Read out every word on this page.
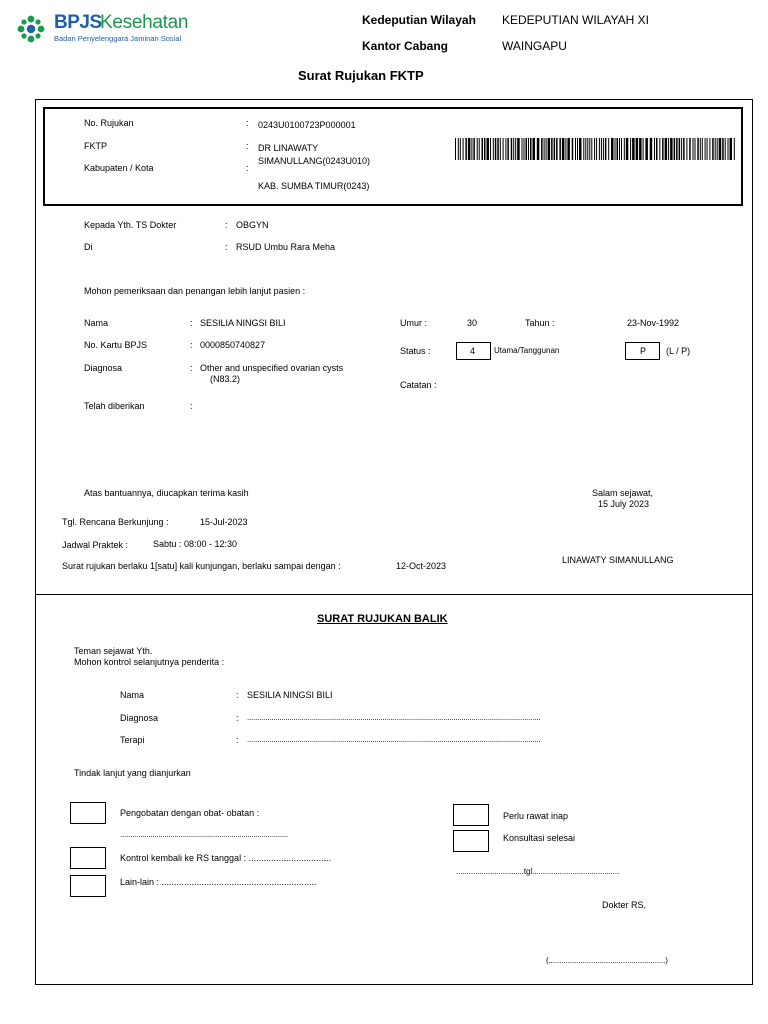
BPJS
Kesehatan
Badan Penyelenggara Jaminan Sosial
Kedeputian Wilayah KEDEPUTIAN WILAYAH XI
Kantor Cabang	WAINGAPU
Surat Rujukan FKTP
No. Rujukan	: 0243U0100723P000001
FKTP	: DR LINAWATY
SIMANULLANG(0243U010)
Kabupaten / Kota	:
KAB. SUMBA TIMUR(0243)
Kepada Yth. TS Dokter	: OBGYN
Di	: RSUD Umbu Rara Meha
Mohon pemeriksaan dan penangan lebih lanjut pasien :
Nama	: SESILIA NINGSI BILI
No. Kartu BPJS	: 0000850740827
Diagnosa	: Other and unspecified ovarian cysts
(N83.2)
Telah diberikan	:
Umur :	30	Tahun :	23-Nov-1992
Status :	4 Utama/Tanggunan	P (L / P)
Catatan :
Atas bantuannya, diucapkan terima kasih	Salam sejawat,
15 July 2023
Tgl. Rencana Berkunjung :	15-Jul-2023
Jadwal Praktek :	Sabtu : 08:00 - 12:30
Surat rujukan berlaku 1[satu] kali kunjungan, berlaku sampai dengan :	12-Oct-2023
LINAWATY SIMANULLANG
SURAT RUJUKAN BALIK
Teman sejawat Yth.
Mohon kontrol selanjutnya penderita :
Nama	: SESILIA NINGSI BILI
Diagnosa	: .................................................................................................................................................
Terapi	: .................................................................................................................................................
Tindak lanjut yang dianjurkan
Pengobatan dengan obat- obatan :
...................................................................................
Kontrol kembali ke RS tanggal : .................................
Lain-lain : ..............................................................
Perlu rawat inap
Konsultasi selesai
................................tgl.........................................
Dokter RS,
(.......................................................)
